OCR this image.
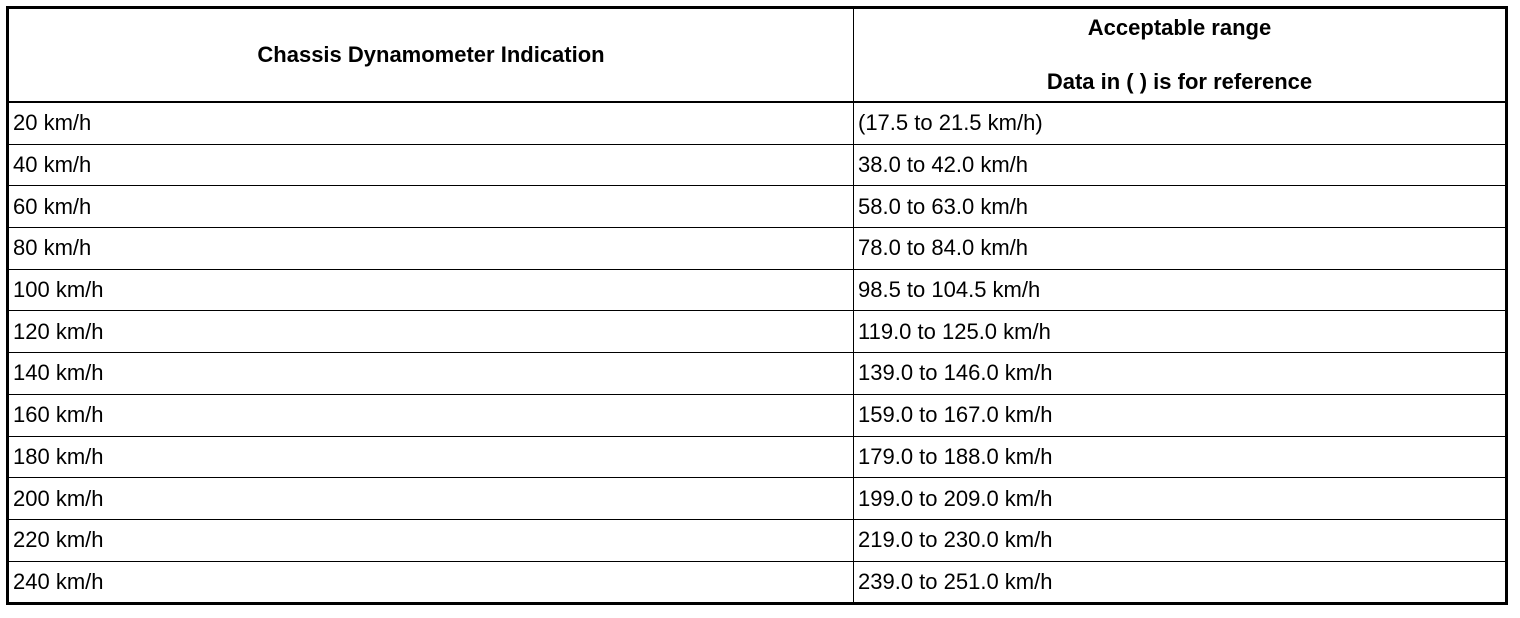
Chassis Dynamometer Indication	Acceptable range
Data in ( ) is for reference

20 km/h	(17.5 to 21.5 km/h)
40 km/h	38.0 to 42.0 km/h
60 km/h	58.0 to 63.0 km/h
80 km/h	78.0 to 84.0 km/h
100 km/h	98.5 to 104.5 km/h
120 km/h	119.0 to 125.0 km/h
140 km/h	139.0 to 146.0 km/h
160 km/h	159.0 to 167.0 km/h
180 km/h	179.0 to 188.0 km/h
200 km/h	199.0 to 209.0 km/h
220 km/h	219.0 to 230.0 km/h
240 km/h	239.0 to 251.0 km/h
